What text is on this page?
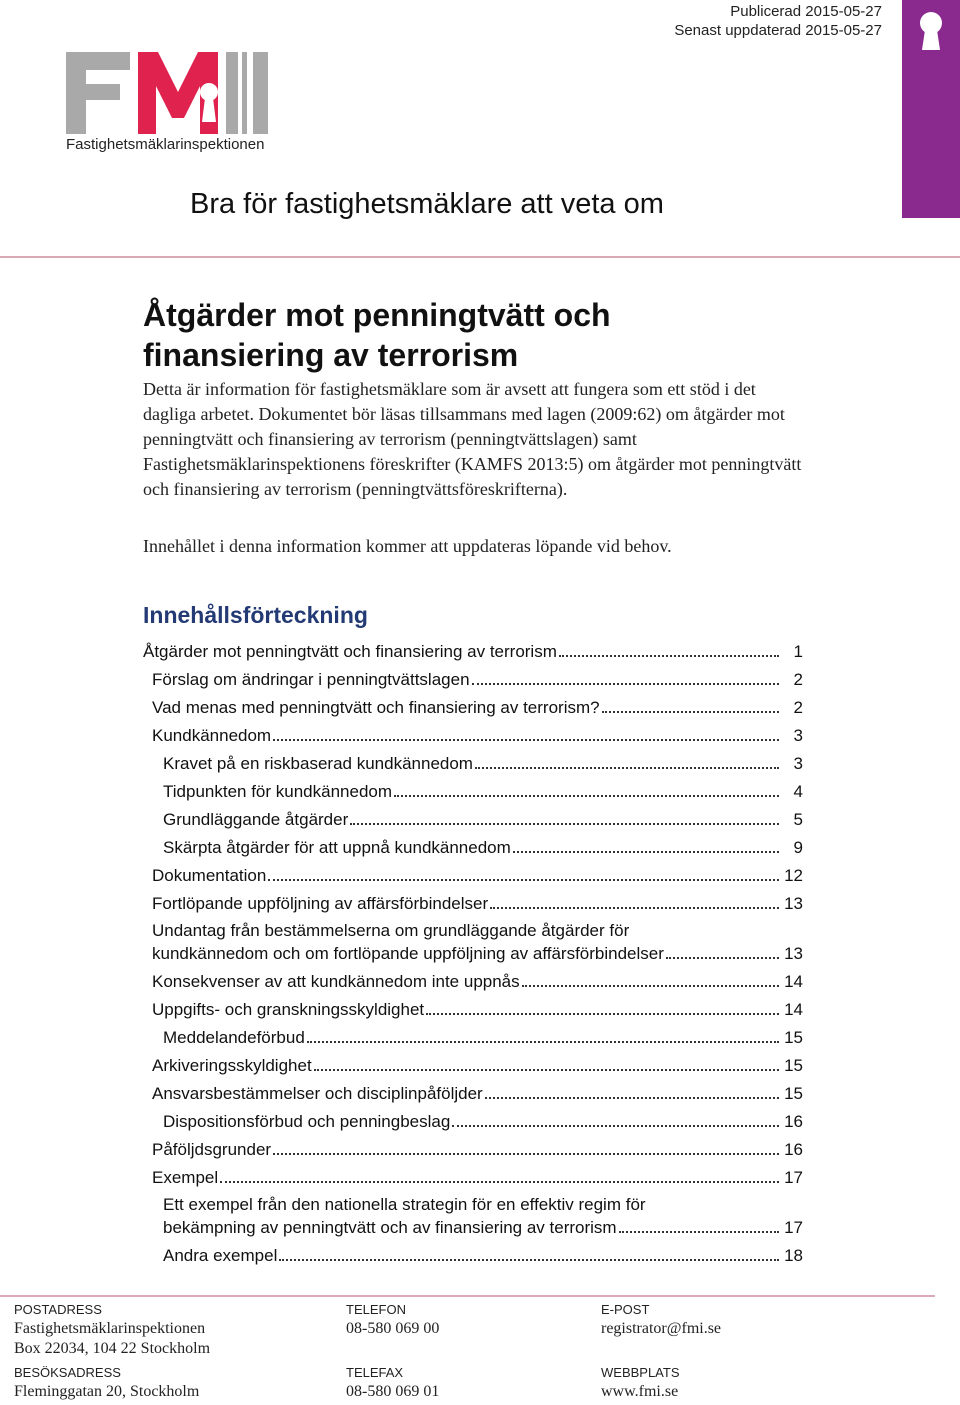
Publicerad 2015-05-27
Senast uppdaterad 2015-05-27
Fastighetsmäklarinspektionen
Bra för fastighetsmäklare att veta om
Åtgärder mot penningtvätt och
finansiering av terrorism

Detta är information för fastighetsmäklare som är avsett att fungera som ett stöd i det dagliga arbetet. Dokumentet bör läsas tillsammans med lagen (2009:62) om åtgärder mot penningtvätt och finansiering av terrorism (penningtvättslagen) samt Fastighetsmäklarinspektionens föreskrifter (KAMFS 2013:5) om åtgärder mot penningtvätt och finansiering av terrorism (penningtvättsföreskrifterna).

Innehållet i denna information kommer att uppdateras löpande vid behov.

Innehållsförteckning
Åtgärder mot penningtvätt och finansiering av terrorism	1
Förslag om ändringar i penningtvättslagen	2
Vad menas med penningtvätt och finansiering av terrorism?	2
Kundkännedom	3
Kravet på en riskbaserad kundkännedom	3
Tidpunkten för kundkännedom	4
Grundläggande åtgärder	5
Skärpta åtgärder för att uppnå kundkännedom	9
Dokumentation	12
Fortlöpande uppföljning av affärsförbindelser	13
Undantag från bestämmelserna om grundläggande åtgärder för
kundkännedom och om fortlöpande uppföljning av affärsförbindelser	13
Konsekvenser av att kundkännedom inte uppnås	14
Uppgifts- och granskningsskyldighet	14
Meddelandeförbud	15
Arkiveringsskyldighet	15
Ansvarsbestämmelser och disciplinpåföljder	15
Dispositionsförbud och penningbeslag	16
Påföljdsgrunder	16
Exempel	17
Ett exempel från den nationella strategin för en effektiv regim för
bekämpning av penningtvätt och av finansiering av terrorism	17
Andra exempel	18
POSTADRESS
Fastighetsmäklarinspektionen
Box 22034, 104 22 Stockholm
BESÖKSADRESS
Fleminggatan 20, Stockholm
TELEFON
08-580 069 00
TELEFAX
08-580 069 01
E-POST
registrator@fmi.se
WEBBPLATS
www.fmi.se
